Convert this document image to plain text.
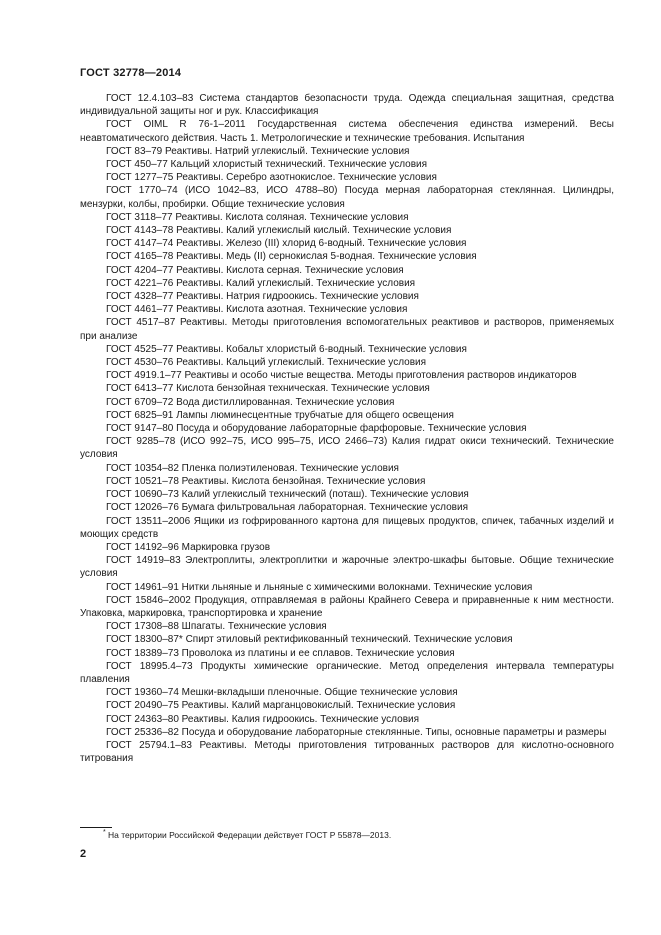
ГОСТ 32778—2014
ГОСТ 12.4.103–83 Система стандартов безопасности труда. Одежда специальная защитная, средства индивидуальной защиты ног и рук. Классификация
ГОСТ OIML R 76-1–2011 Государственная система обеспечения единства измерений. Весы неавтоматического действия. Часть 1. Метрологические и технические требования. Испытания
ГОСТ 83–79 Реактивы. Натрий углекислый. Технические условия
ГОСТ 450–77 Кальций хлористый технический. Технические условия
ГОСТ 1277–75 Реактивы. Серебро азотнокислое. Технические условия
ГОСТ 1770–74 (ИСО 1042–83, ИСО 4788–80) Посуда мерная лабораторная стеклянная. Цилиндры, мензурки, колбы, пробирки. Общие технические условия
ГОСТ 3118–77 Реактивы. Кислота соляная. Технические условия
ГОСТ 4143–78 Реактивы. Калий углекислый кислый. Технические условия
ГОСТ 4147–74 Реактивы. Железо (III) хлорид 6-водный. Технические условия
ГОСТ 4165–78 Реактивы. Медь (II) сернокислая 5-водная. Технические условия
ГОСТ 4204–77 Реактивы. Кислота серная. Технические условия
ГОСТ 4221–76 Реактивы. Калий углекислый. Технические условия
ГОСТ 4328–77 Реактивы. Натрия гидроокись. Технические условия
ГОСТ 4461–77 Реактивы. Кислота азотная. Технические условия
ГОСТ 4517–87 Реактивы. Методы приготовления вспомогательных реактивов и растворов, применяемых при анализе
ГОСТ 4525–77 Реактивы. Кобальт хлористый 6-водный. Технические условия
ГОСТ 4530–76 Реактивы. Кальций углекислый. Технические условия
ГОСТ 4919.1–77 Реактивы и особо чистые вещества. Методы приготовления растворов индикаторов
ГОСТ 6413–77 Кислота бензойная техническая. Технические условия
ГОСТ 6709–72 Вода дистиллированная. Технические условия
ГОСТ 6825–91 Лампы люминесцентные трубчатые для общего освещения
ГОСТ 9147–80 Посуда и оборудование лабораторные фарфоровые. Технические условия
ГОСТ 9285–78 (ИСО 992–75, ИСО 995–75, ИСО 2466–73) Калия гидрат окиси технический. Технические условия
ГОСТ 10354–82 Пленка полиэтиленовая. Технические условия
ГОСТ 10521–78 Реактивы. Кислота бензойная. Технические условия
ГОСТ 10690–73 Калий углекислый технический (поташ). Технические условия
ГОСТ 12026–76 Бумага фильтровальная лабораторная. Технические условия
ГОСТ 13511–2006 Ящики из гофрированного картона для пищевых продуктов, спичек, табачных изделий и моющих средств
ГОСТ 14192–96 Маркировка грузов
ГОСТ 14919–83 Электроплиты, электроплитки и жарочные электро-шкафы бытовые. Общие технические условия
ГОСТ 14961–91 Нитки льняные и льняные с химическими волокнами. Технические условия
ГОСТ 15846–2002 Продукция, отправляемая в районы Крайнего Севера и приравненные к ним местности. Упаковка, маркировка, транспортировка и хранение
ГОСТ 17308–88 Шпагаты. Технические условия
ГОСТ 18300–87* Спирт этиловый ректификованный технический. Технические условия
ГОСТ 18389–73 Проволока из платины и ее сплавов. Технические условия
ГОСТ 18995.4–73 Продукты химические органические. Метод определения интервала температуры плавления
ГОСТ 19360–74 Мешки-вкладыши пленочные. Общие технические условия
ГОСТ 20490–75 Реактивы. Калий марганцовокислый. Технические условия
ГОСТ 24363–80 Реактивы. Калия гидроокись. Технические условия
ГОСТ 25336–82 Посуда и оборудование лабораторные стеклянные. Типы, основные параметры и размеры
ГОСТ 25794.1–83 Реактивы. Методы приготовления титрованных растворов для кислотно-основного титрования
* На территории Российской Федерации действует ГОСТ Р 55878—2013.
2
